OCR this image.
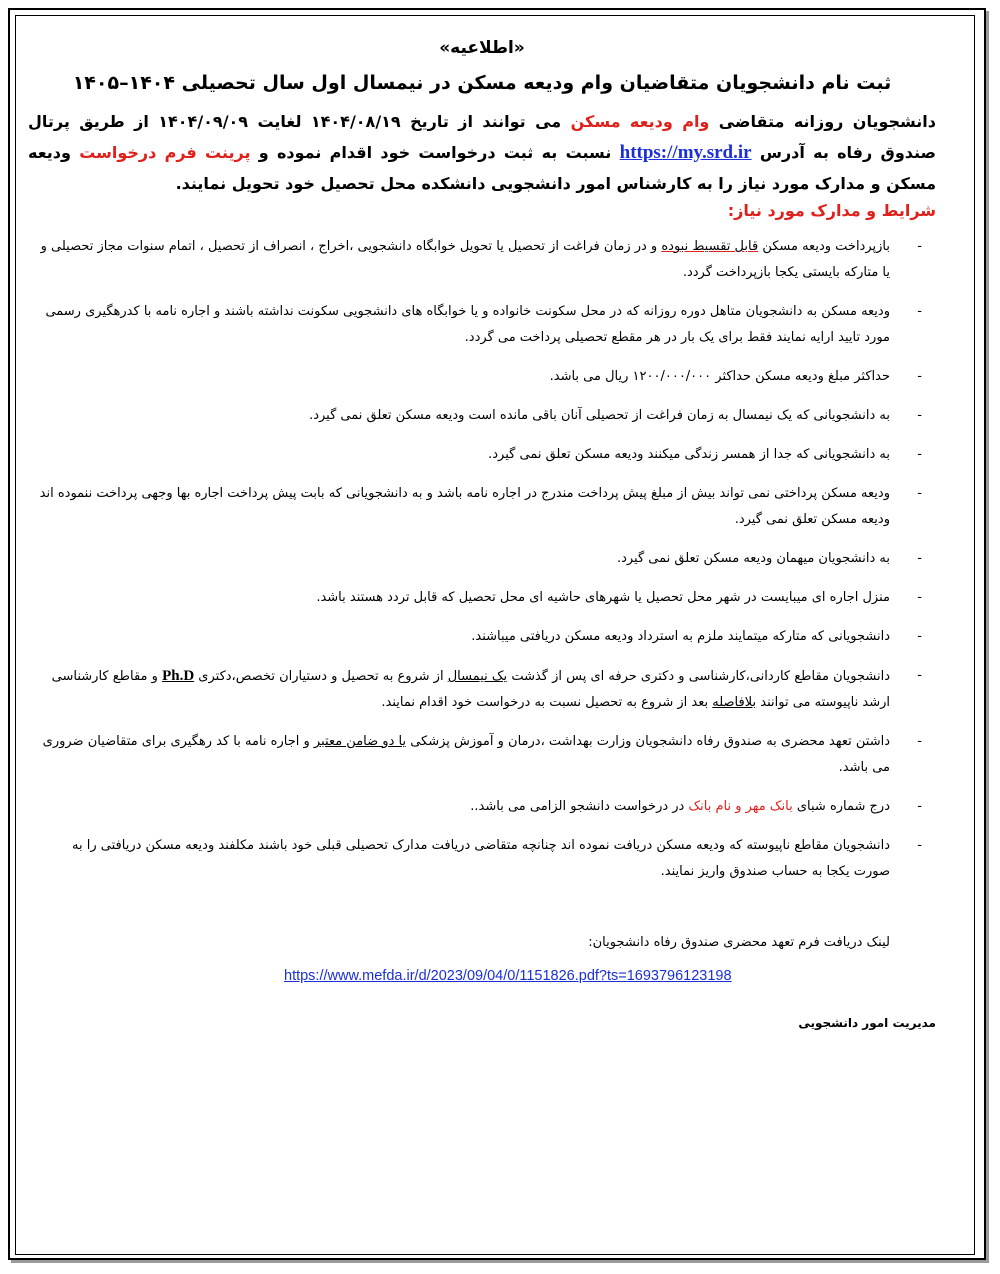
«اطلاعیه»
ثبت نام دانشجویان متقاضیان وام ودیعه مسکن در نیمسال اول سال تحصیلی ۱۴۰۴–۱۴۰۵

دانشجویان روزانه متقاضی وام ودیعه مسکن می توانند از تاریخ ۱۴۰۴/۰۸/۱۹ لغایت ۱۴۰۴/۰۹/۰۹ از طریق پرتال صندوق رفاه به آدرس https://my.srd.ir نسبت به ثبت درخواست خود اقدام نموده و پرینت فرم درخواست ودیعه مسکن و مدارک مورد نیاز را به کارشناس امور دانشجویی دانشکده محل تحصیل خود تحویل نمایند.

شرایط و مدارک مورد نیاز:
-
بازپرداخت ودیعه مسکن قابل تقسیط نبوده و در زمان فراغت از تحصیل یا تحویل خوابگاه دانشجویی ،اخراج ، انصراف از تحصیل ، اتمام سنوات مجاز تحصیلی و یا متارکه بایستی یکجا بازپرداخت گردد.
-
ودیعه مسکن به دانشجویان متاهل دوره روزانه که در محل سکونت خانواده و یا خوابگاه های دانشجویی سکونت نداشته باشند و اجاره نامه با کدرهگیری رسمی مورد تایید ارایه نمایند فقط برای یک بار در هر مقطع تحصیلی پرداخت می گردد.
-
حداکثر مبلغ ودیعه مسکن حداکثر ۱۲۰۰/۰۰۰/۰۰۰ ریال می باشد.
-
به دانشجویانی که یک نیمسال به زمان فراغت از تحصیلی آنان باقی مانده است ودیعه مسکن تعلق نمی گیرد.
-
به دانشجویانی که جدا از همسر زندگی میکنند ودیعه مسکن تعلق نمی گیرد.
-
ودیعه مسکن پرداختی نمی تواند بیش از مبلغ پیش پرداخت مندرج در اجاره نامه باشد و به دانشجویانی که بابت پیش پرداخت اجاره بها وجهی پرداخت ننموده اند ودیعه مسکن تعلق نمی گیرد.
-
به دانشجویان میهمان ودیعه مسکن تعلق نمی گیرد.
-
منزل اجاره ای میبایست در شهر محل تحصیل یا شهرهای حاشیه ای محل تحصیل که قابل تردد هستند باشد.
-
دانشجویانی که متارکه میتمایند ملزم به استرداد ودیعه مسکن دریافتی میباشند.
-
دانشجویان مقاطع کاردانی،کارشناسی و دکتری حرفه ای پس از گذشت یک نیمسال از شروع به تحصیل و دستیاران تخصص،دکتری Ph.D و مقاطع کارشناسی ارشد ناپیوسته می توانند بلافاصله بعد از شروع به تحصیل نسبت به درخواست خود اقدام نمایند.
-
داشتن تعهد محضری به صندوق رفاه دانشجویان وزارت بهداشت ،درمان و آموزش پزشکی یا دو ضامن معتبر و اجاره نامه با کد رهگیری برای متقاضیان ضروری می باشد.
-
درج شماره شبای بانک مهر و نام بانک در درخواست دانشجو الزامی می باشد..
-
دانشجویان مقاطع ناپیوسته که ودیعه مسکن دریافت نموده اند چنانچه متقاضی دریافت مدارک تحصیلی قبلی خود باشند مکلفند ودیعه مسکن دریافتی را به صورت یکجا به حساب صندوق واریز نمایند.
لینک دریافت فرم تعهد محضری صندوق رفاه دانشجویان:
https://www.mefda.ir/d/2023/09/04/0/1151826.pdf?ts=1693796123198
مدیریت امور دانشجویی
